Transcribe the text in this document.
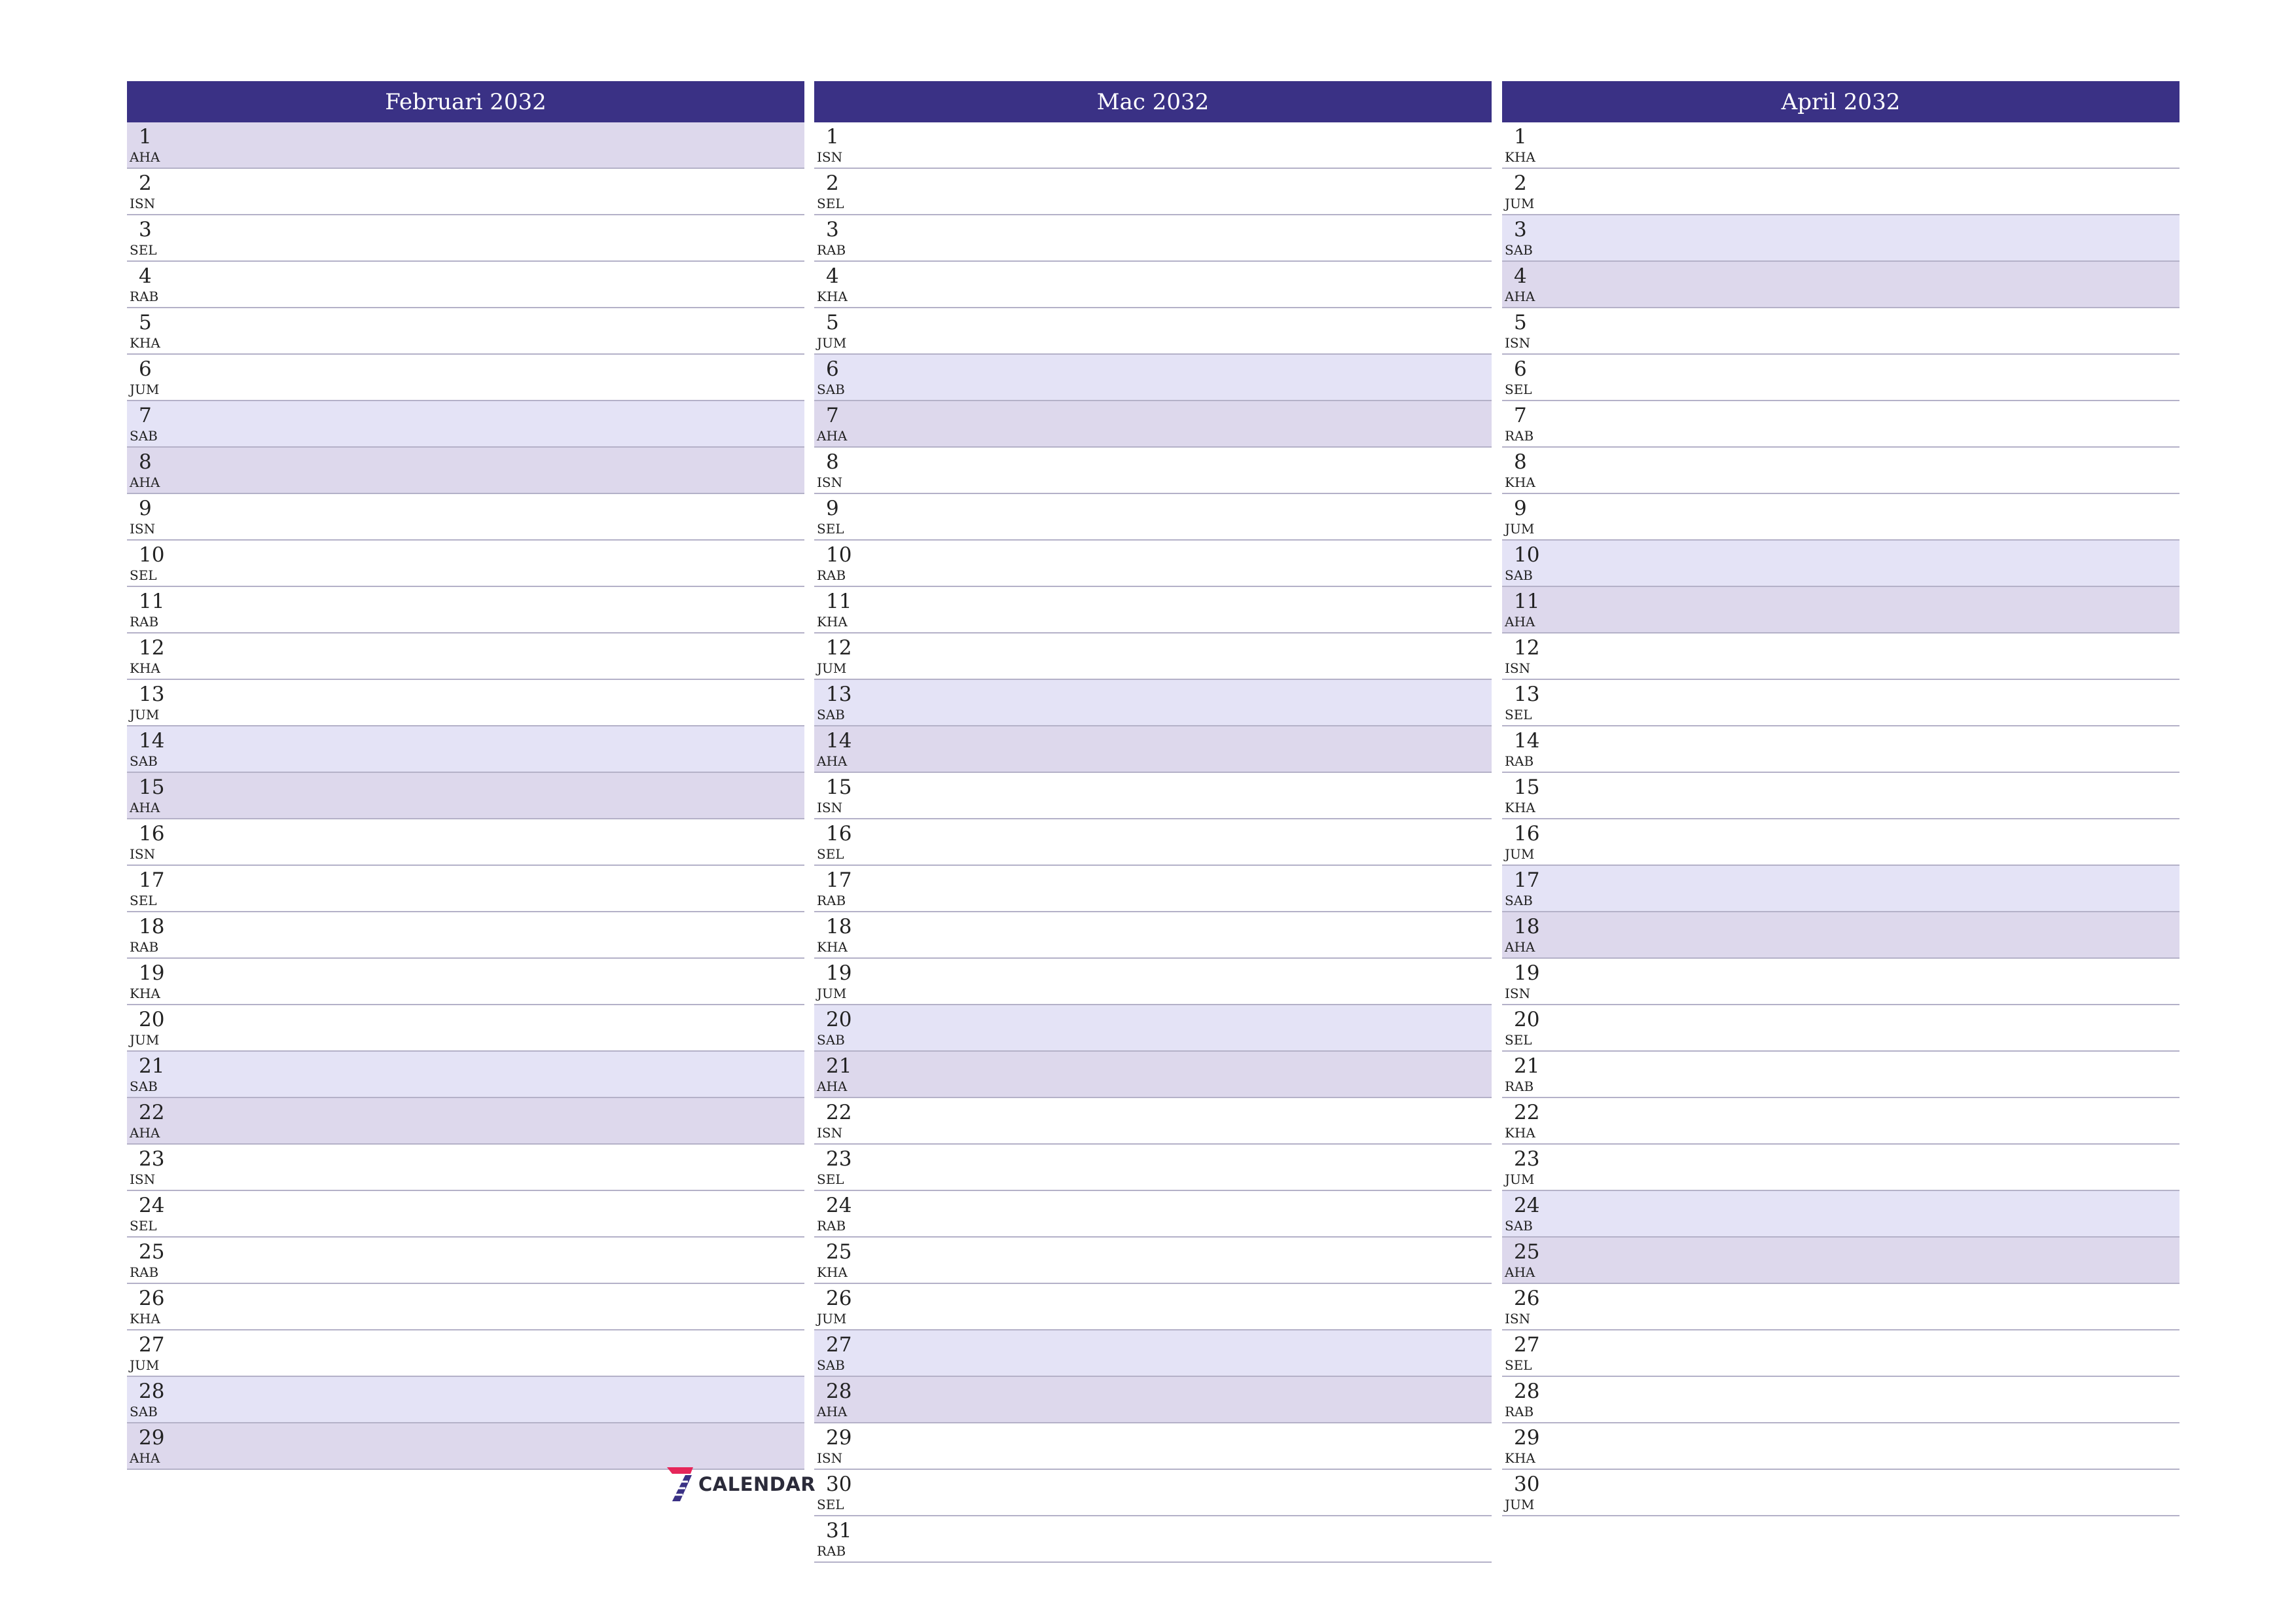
Februari 2032
1
AHA
2
ISN
3
SEL
4
RAB
5
KHA
6
JUM
7
SAB
8
AHA
9
ISN
10
SEL
11
RAB
12
KHA
13
JUM
14
SAB
15
AHA
16
ISN
17
SEL
18
RAB
19
KHA
20
JUM
21
SAB
22
AHA
23
ISN
24
SEL
25
RAB
26
KHA
27
JUM
28
SAB
29
AHA
Mac 2032
1
ISN
2
SEL
3
RAB
4
KHA
5
JUM
6
SAB
7
AHA
8
ISN
9
SEL
10
RAB
11
KHA
12
JUM
13
SAB
14
AHA
15
ISN
16
SEL
17
RAB
18
KHA
19
JUM
20
SAB
21
AHA
22
ISN
23
SEL
24
RAB
25
KHA
26
JUM
27
SAB
28
AHA
29
ISN
30
SEL
31
RAB
April 2032
1
KHA
2
JUM
3
SAB
4
AHA
5
ISN
6
SEL
7
RAB
8
KHA
9
JUM
10
SAB
11
AHA
12
ISN
13
SEL
14
RAB
15
KHA
16
JUM
17
SAB
18
AHA
19
ISN
20
SEL
21
RAB
22
KHA
23
JUM
24
SAB
25
AHA
26
ISN
27
SEL
28
RAB
29
KHA
30
JUM
CALENDAR
